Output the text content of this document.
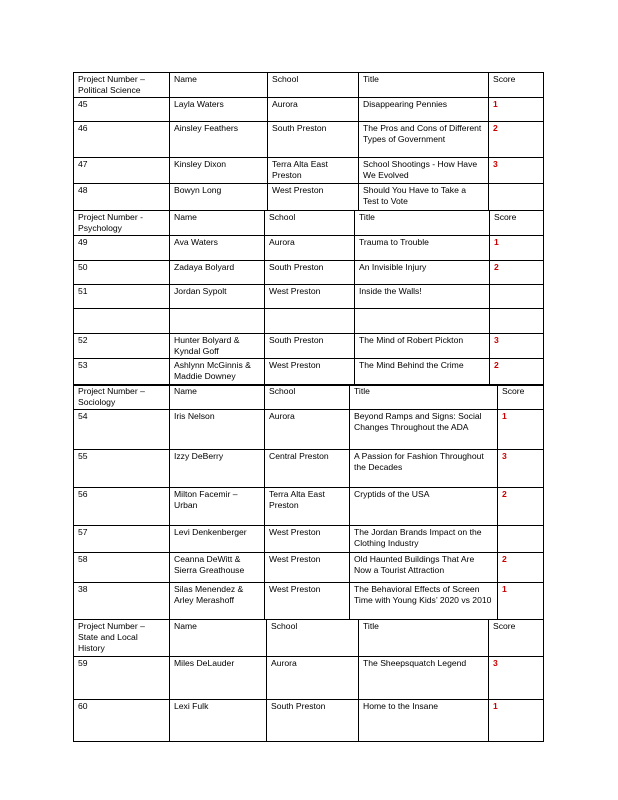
Project Number – Political Science	Name	School	Title	Score
45	Layla Waters	Aurora	Disappearing Pennies	1
46	Ainsley Feathers	South Preston	The Pros and Cons of Different Types of Government	2
47	Kinsley Dixon	Terra Alta East Preston	School Shootings - How Have We Evolved	3
48	Bowyn Long	West Preston	Should You Have to Take a Test to Vote	
Project Number - Psychology	Name	School	Title	Score
49	Ava Waters	Aurora	Trauma to Trouble	1
50	Zadaya Bolyard	South Preston	An Invisible Injury	2
51	Jordan Sypolt	West Preston	Inside the Walls!	

52	Hunter Bolyard & Kyndal Goff	South Preston	The Mind of Robert Pickton	3
53	Ashlynn McGinnis & Maddie Downey	West Preston	The Mind Behind the Crime	2
Project Number – Sociology	Name	School	Title	Score
54	Iris Nelson	Aurora	Beyond Ramps and Signs: Social Changes Throughout the ADA	1
55	Izzy DeBerry	Central Preston	A Passion for Fashion Throughout the Decades	3
56	Milton Facemir – Urban	Terra Alta East Preston	Cryptids of the USA	2
57	Levi Denkenberger	West Preston	The Jordan Brands Impact on the Clothing Industry	
58	Ceanna DeWitt & Sierra Greathouse	West Preston	Old Haunted Buildings That Are Now a Tourist Attraction	2
38	Silas Menendez & Arley Merashoff	West Preston	The Behavioral Effects of Screen Time with Young Kids’ 2020 vs 2010	1
Project Number – State and Local History	Name	School	Title	Score
59	Miles DeLauder	Aurora	The Sheepsquatch Legend	3
60	Lexi Fulk	South Preston	Home to the Insane	1
